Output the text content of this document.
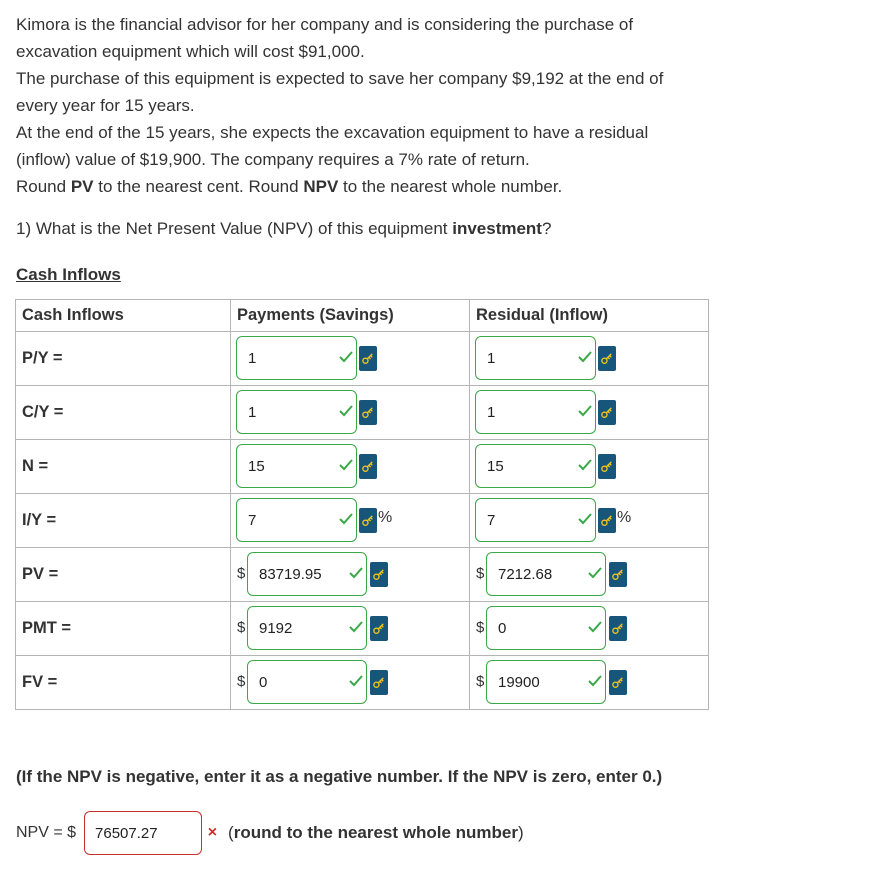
Kimora is the financial advisor for her company and is considering the purchase of
excavation equipment which will cost $91,000.
The purchase of this equipment is expected to save her company $9,192 at the end of
every year for 15 years.
At the end of the 15 years, she expects the excavation equipment to have a residual
(inflow) value of $19,900. The company requires a 7% rate of return.
Round PV to the nearest cent. Round NPV to the nearest whole number.
1) What is the Net Present Value (NPV) of this equipment investment?
Cash Inflows
Cash Inflows	Payments (Savings)	Residual (Inflow)
P/Y =	1	1

C/Y =	1	1

N =	15	15

I/Y =	7 %	7 %

PV =	$ 83719.95	$ 7212.68

PMT =	$ 9192	$ 0

FV =	$ 0	$ 19900
(If the NPV is negative, enter it as a negative number. If the NPV is zero, enter 0.)
NPV = $ 76507.27	× (round to the nearest whole number)
